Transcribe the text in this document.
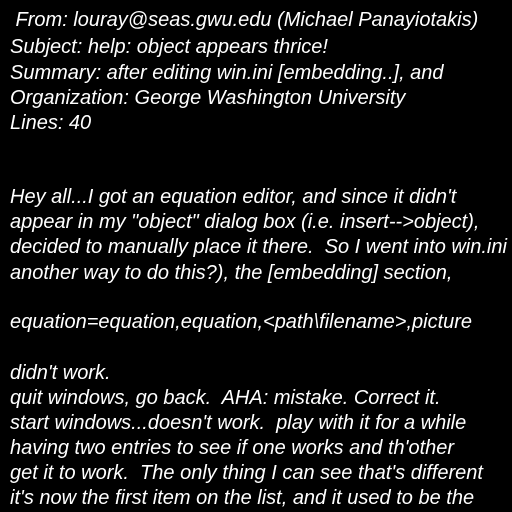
From: louray@seas.gwu.edu (Michael Panayiotakis)
Subject: help: object appears thrice!
Summary: after editing win.ini [embedding..], and
Organization: George Washington University
Lines: 40
Hey all...I got an equation editor, and since it didn't
appear in my "object" dialog box (i.e. insert-->object),
decided to manually place it there.  So I went into win.ini
another way to do this?), the [embedding] section,
equation=equation,equation,<path\filename>,picture
didn't work.
quit windows, go back.  AHA: mistake. Correct it.
start windows...doesn't work.  play with it for a while
having two entries to see if one works and th'other
get it to work.  The only thing I can see that's different
it's now the first item on the list, and it used to be the
